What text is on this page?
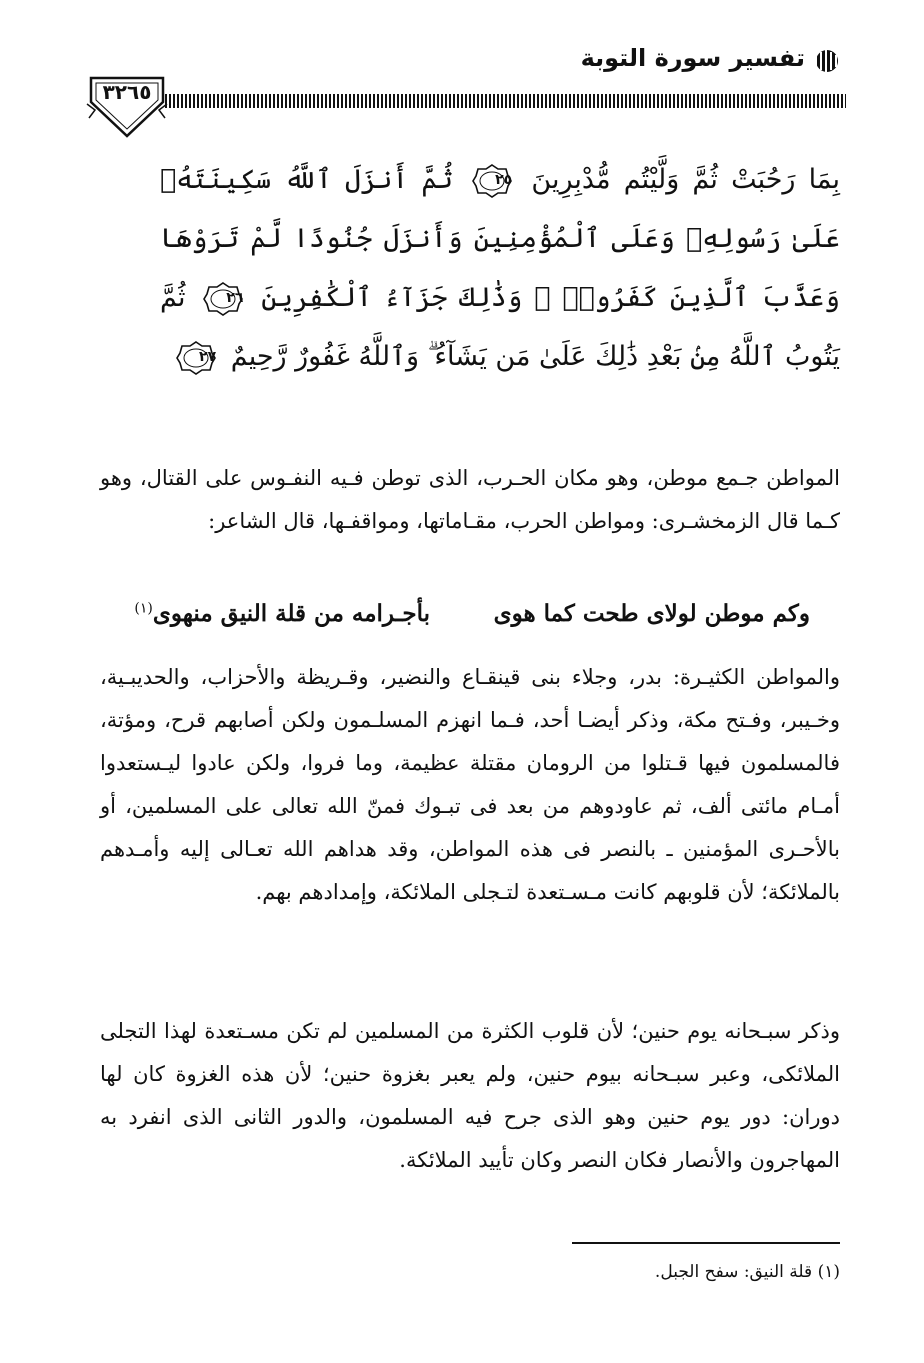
تفسير سورة التوبة
٣٢٦٥
بِمَا رَحُبَتْ ثُمَّ وَلَّيْتُم مُّدْبِرِينَ
٢٥
ثُمَّ أَنزَلَ ٱللَّهُ سَكِينَتَهُۥ عَلَىٰ رَسُولِهِۦ وَعَلَى ٱلْمُؤْمِنِينَ وَأَنزَلَ جُنُودًا لَّمْ تَرَوْهَا وَعَذَّبَ ٱلَّذِينَ كَفَرُوا۟ ۚ وَذَٰلِكَ جَزَآءُ ٱلْكَٰفِرِينَ
٢٦
ثُمَّ يَتُوبُ ٱللَّهُ مِنۢ بَعْدِ ذَٰلِكَ عَلَىٰ مَن يَشَآءُ ۗ وَٱللَّهُ غَفُورٌ رَّحِيمٌ
٢٧
المواطن جـمع موطن، وهو مكان الحـرب، الذى توطن فـيه النفـوس على القتال، وهو كـما قال الزمخشـرى: ومواطن الحرب، مقـاماتها، ومواقفـها، قال الشاعر:
وكم موطن لولاى طحت كما هوى
بأجـرامه من قلة النيق منهوى$^{(١)}$
والمواطن الكثيـرة: بدر، وجلاء بنى قينقـاع والنضير، وقـريظة والأحزاب، والحديبـية، وخـيبر، وفـتح مكة، وذكر أيضـا أحد، فـما انهزم المسلـمون ولكن أصابهم قرح، ومؤتة، فالمسلمون فيها قـتلوا من الرومان مقتلة عظيمة، وما فروا، ولكن عادوا ليـستعدوا أمـام مائتى ألف، ثم عاودوهم من بعد فى تبـوك فمنّ الله تعالى على المسلمين، أو بالأحـرى المؤمنين ـ بالنصر فى هذه المواطن، وقد هداهم الله تعـالى إليه وأمـدهم بالملائكة؛ لأن قلوبهم كانت مـسـتعدة لتـجلى الملائكة، وإمدادهم بهم.
وذكر سبـحانه يوم حنين؛ لأن قلوب الكثرة من المسلمين لم تكن مسـتعدة لهذا التجلى الملائكى، وعبر سبـحانه بيوم حنين، ولم يعبر بغزوة حنين؛ لأن هذه الغزوة كان لها دوران: دور يوم حنين وهو الذى جرح فيه المسلمون، والدور الثانى الذى انفرد به المهاجرون والأنصار فكان النصر وكان تأييد الملائكة.
(١) قلة النيق: سفح الجبل.
